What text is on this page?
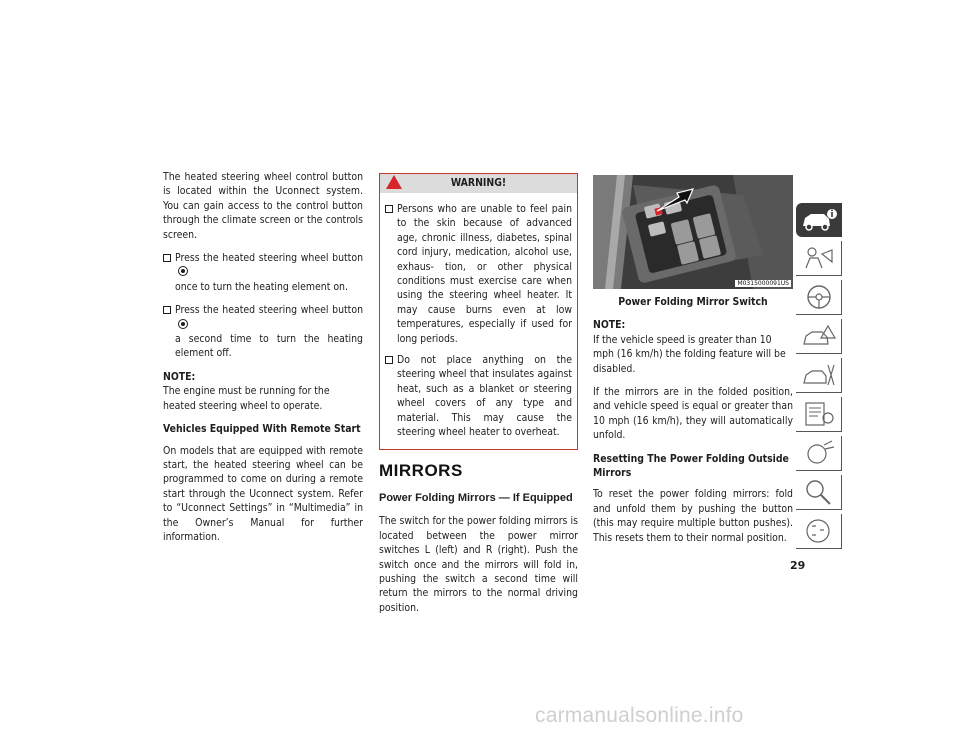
The heated steering wheel control button is located within the Uconnect system. You can gain access to the control button through the climate screen or the controls screen.

Press the heated steering wheel button
once to turn the heating element on.
Press the heated steering wheel button
a second time to turn the heating element off.

NOTE:
The engine must be running for the heated steering wheel to operate.

Vehicles Equipped With Remote Start

On models that are equipped with remote start, the heated steering wheel can be programmed to come on during a remote start through the Uconnect system. Refer to “Uconnect Settings” in “Multimedia” in the Owner’s Manual for further information.

WARNING!
Persons who are unable to feel pain to the skin because of advanced age, chronic illness, diabetes, spinal cord injury, medication, alcohol use, exhaus- tion, or other physical conditions must exercise care when using the steering wheel heater. It may cause burns even at low temperatures, especially if used for long periods.
Do not place anything on the steering wheel that insulates against heat, such as a blanket or steering wheel covers of any type and material. This may cause the steering wheel heater to overheat.
MIRRORS
Power Folding Mirrors — If Equipped

The switch for the power folding mirrors is located between the power mirror switches L (left) and R (right). Push the switch once and the mirrors will fold in, pushing the switch a second time will return the mirrors to the normal driving position.

M0315000091US
Power Folding Mirror Switch

NOTE:
If the vehicle speed is greater than 10 mph (16 km/h) the folding feature will be disabled.

If the mirrors are in the folded position, and vehicle speed is equal or greater than 10 mph (16 km/h), they will automatically unfold.

Resetting The Power Folding Outside Mirrors

To reset the power folding mirrors: fold and unfold them by pushing the button (this may require multiple button pushes). This resets them to their normal position.

29
carmanualsonline.info
